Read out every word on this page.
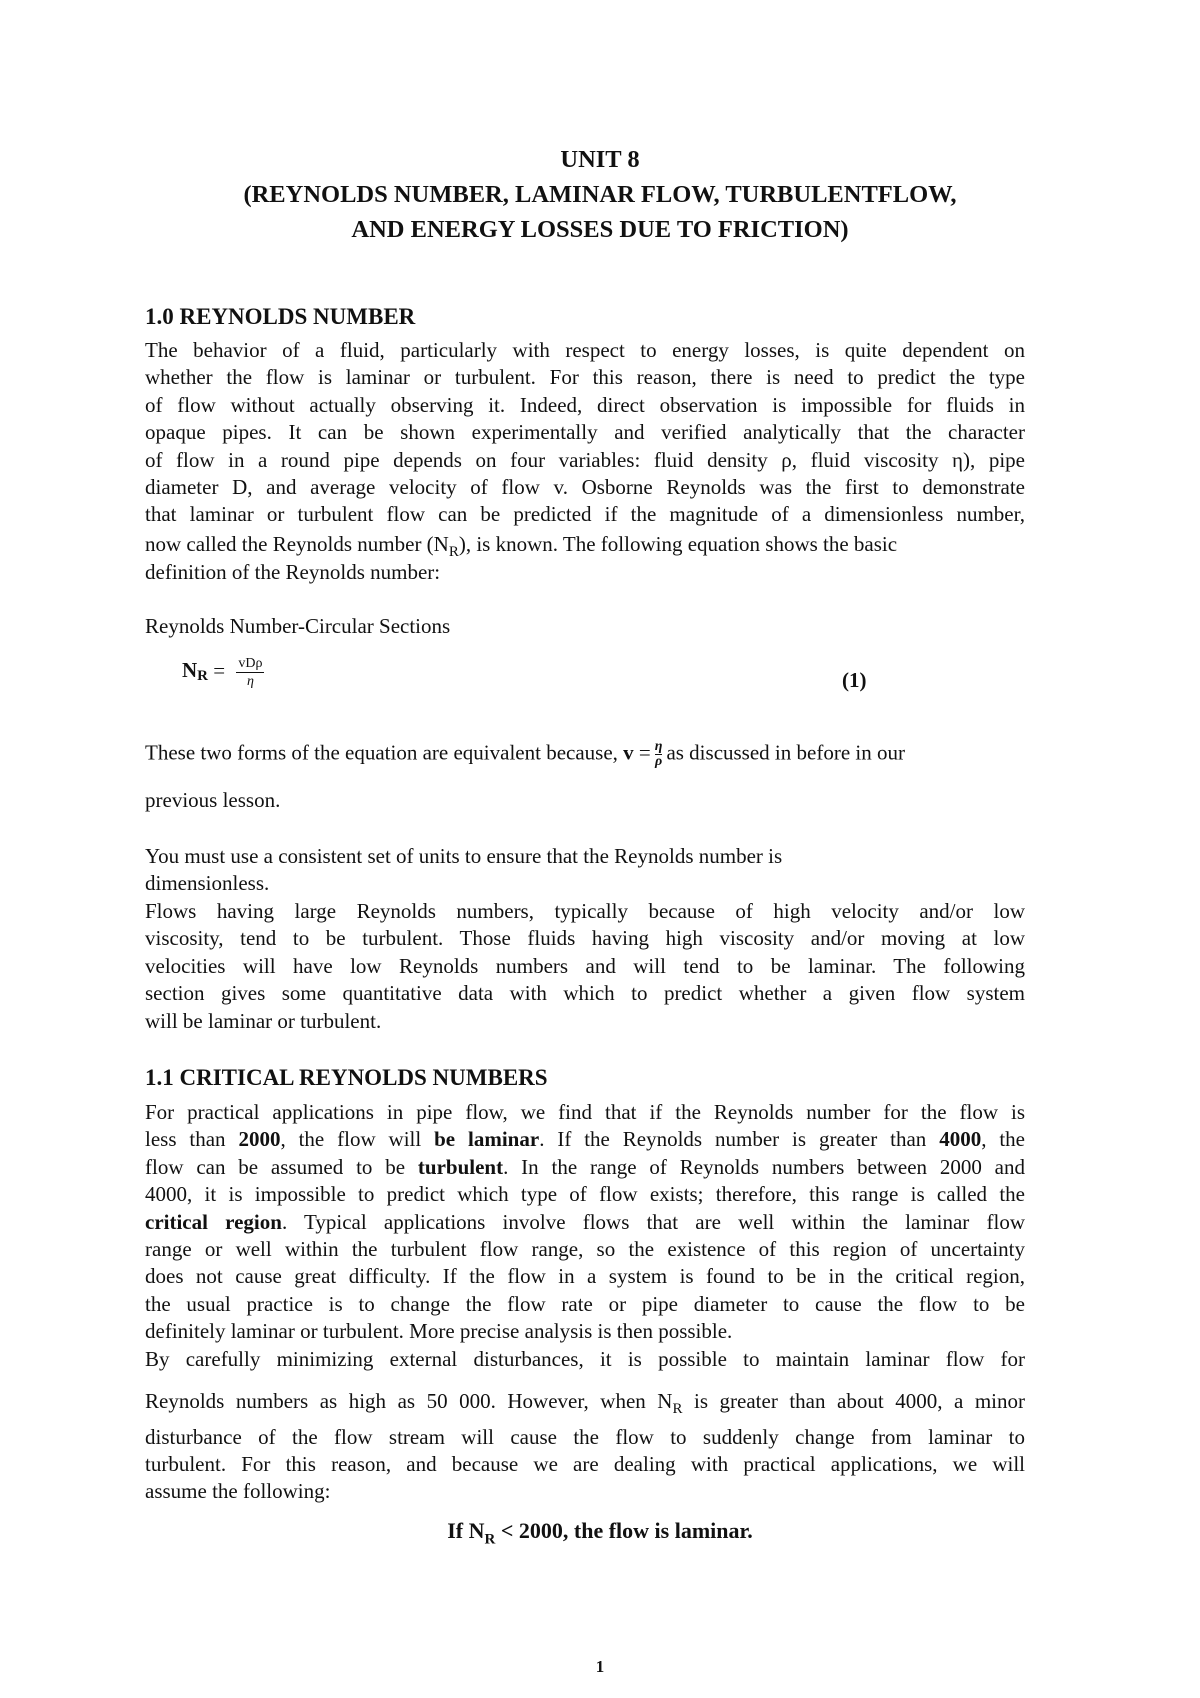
UNIT 8
(REYNOLDS NUMBER, LAMINAR FLOW, TURBULENTFLOW,
AND ENERGY LOSSES DUE TO FRICTION)
1.0 REYNOLDS NUMBER
The behavior of a fluid, particularly with respect to energy losses, is quite dependent on
whether the flow is laminar or turbulent. For this reason, there is need to predict the type
of flow without actually observing it. Indeed, direct observation is impossible for fluids in
opaque pipes. It can be shown experimentally and verified analytically that the character
of flow in a round pipe depends on four variables: fluid density ρ, fluid viscosity η), pipe
diameter D, and average velocity of flow v. Osborne Reynolds was the first to demonstrate
that laminar or turbulent flow can be predicted if the magnitude of a dimensionless number,
now called the Reynolds number $(N_R)$, is known. The following equation shows the basic
definition of the Reynolds number:
Reynolds Number-Circular Sections
$N_R = \frac{\text{vDρ}}{\eta}$	(1)
These two forms of the equation are equivalent because, $v = \frac{\eta}{\rho}$ as discussed in before in our
previous lesson.
You must use a consistent set of units to ensure that the Reynolds number is
dimensionless.
Flows having large Reynolds numbers, typically because of high velocity and/or low
viscosity, tend to be turbulent. Those fluids having high viscosity and/or moving at low
velocities will have low Reynolds numbers and will tend to be laminar. The following
section gives some quantitative data with which to predict whether a given flow system
will be laminar or turbulent.
1.1 CRITICAL REYNOLDS NUMBERS
For practical applications in pipe flow, we find that if the Reynolds number for the flow is
less than 2000, the flow will be laminar. If the Reynolds number is greater than 4000, the
flow can be assumed to be turbulent. In the range of Reynolds numbers between 2000 and
4000, it is impossible to predict which type of flow exists; therefore, this range is called the
critical region. Typical applications involve flows that are well within the laminar flow
range or well within the turbulent flow range, so the existence of this region of uncertainty
does not cause great difficulty. If the flow in a system is found to be in the critical region,
the usual practice is to change the flow rate or pipe diameter to cause the flow to be
definitely laminar or turbulent. More precise analysis is then possible.
By carefully minimizing external disturbances, it is possible to maintain laminar flow for
Reynolds numbers as high as 50 000. However, when $N_R$ is greater than about 4000, a minor
disturbance of the flow stream will cause the flow to suddenly change from laminar to
turbulent. For this reason, and because we are dealing with practical applications, we will
assume the following:
If $N_R < 2000$, the flow is laminar.
1
